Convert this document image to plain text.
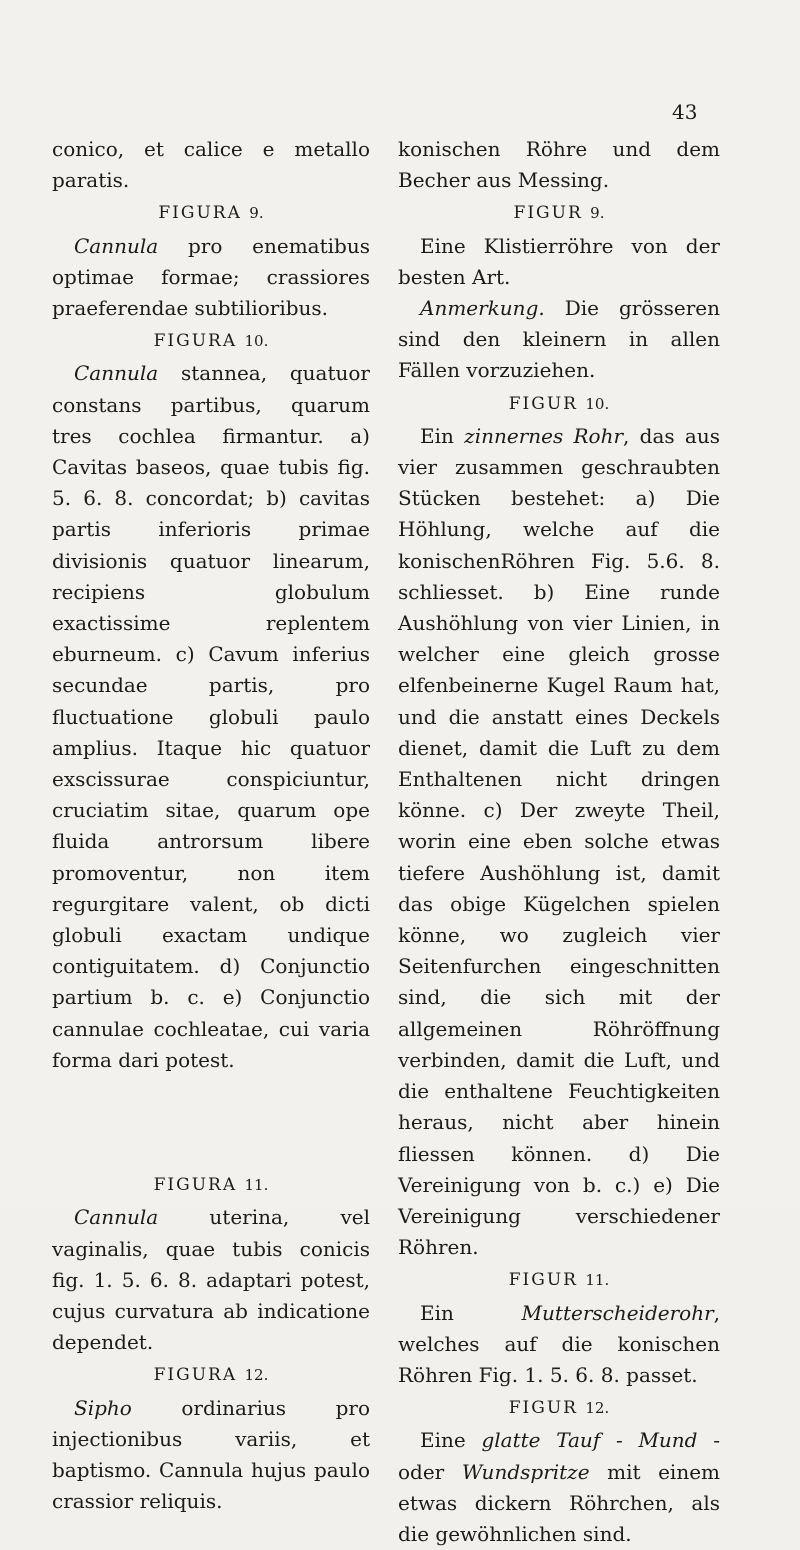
43

conico, et calice e metallo paratis.

FIGURA 9.

Cannula pro enematibus optimae formae; crassiores praeferendae subtilioribus.

FIGURA 10.

Cannula stannea, quatuor constans partibus, quarum tres cochlea firmantur. a) Cavitas baseos, quae tubis fig. 5. 6. 8. concordat; b) cavitas partis inferioris primae divisionis quatuor linearum, recipiens globulum exactissime replentem eburneum. c) Cavum inferius secundae partis, pro fluctuatione globuli paulo amplius. Itaque hic quatuor exscissurae conspiciuntur, cruciatim sitae, quarum ope fluida antrorsum libere promoventur, non item regurgitare valent, ob dicti globuli exactam undique contiguitatem. d) Conjunctio partium b. c. e) Conjunctio cannulae cochleatae, cui varia forma dari potest.

FIGURA 11.

Cannula uterina, vel vaginalis, quae tubis conicis fig. 1. 5. 6. 8. adaptari potest, cujus curvatura ab indicatione dependet.

FIGURA 12.

Sipho ordinarius pro injectionibus variis, et baptismo. Cannula hujus paulo crassior reliquis.

konischen Röhre und dem Becher aus Messing.

FIGUR 9.

Eine Klistierröhre von der besten Art.

Anmerkung. Die grösseren sind den kleinern in allen Fällen vorzuziehen.

FIGUR 10.

Ein zinnernes Rohr, das aus vier zusammen geschraubten Stücken bestehet: a) Die Höhlung, welche auf die konischenRöhren Fig. 5.6. 8. schliesset. b) Eine runde Aushöhlung von vier Linien, in welcher eine gleich grosse elfenbeinerne Kugel Raum hat, und die anstatt eines Deckels dienet, damit die Luft zu dem Enthaltenen nicht dringen könne. c) Der zweyte Theil, worin eine eben solche etwas tiefere Aushöhlung ist, damit das obige Kügelchen spielen könne, wo zugleich vier Seitenfurchen eingeschnitten sind, die sich mit der allgemeinen Röhröffnung verbinden, damit die Luft, und die enthaltene Feuchtigkeiten heraus, nicht aber hinein fliessen können. d) Die Vereinigung von b. c.) e) Die Vereinigung verschiedener Röhren.

FIGUR 11.

Ein Mutterscheiderohr, welches auf die konischen Röhren Fig. 1. 5. 6. 8. passet.

FIGUR 12.

Eine glatte Tauf - Mund - oder Wundspritze mit einem etwas dickern Röhrchen, als die gewöhnlichen sind.
